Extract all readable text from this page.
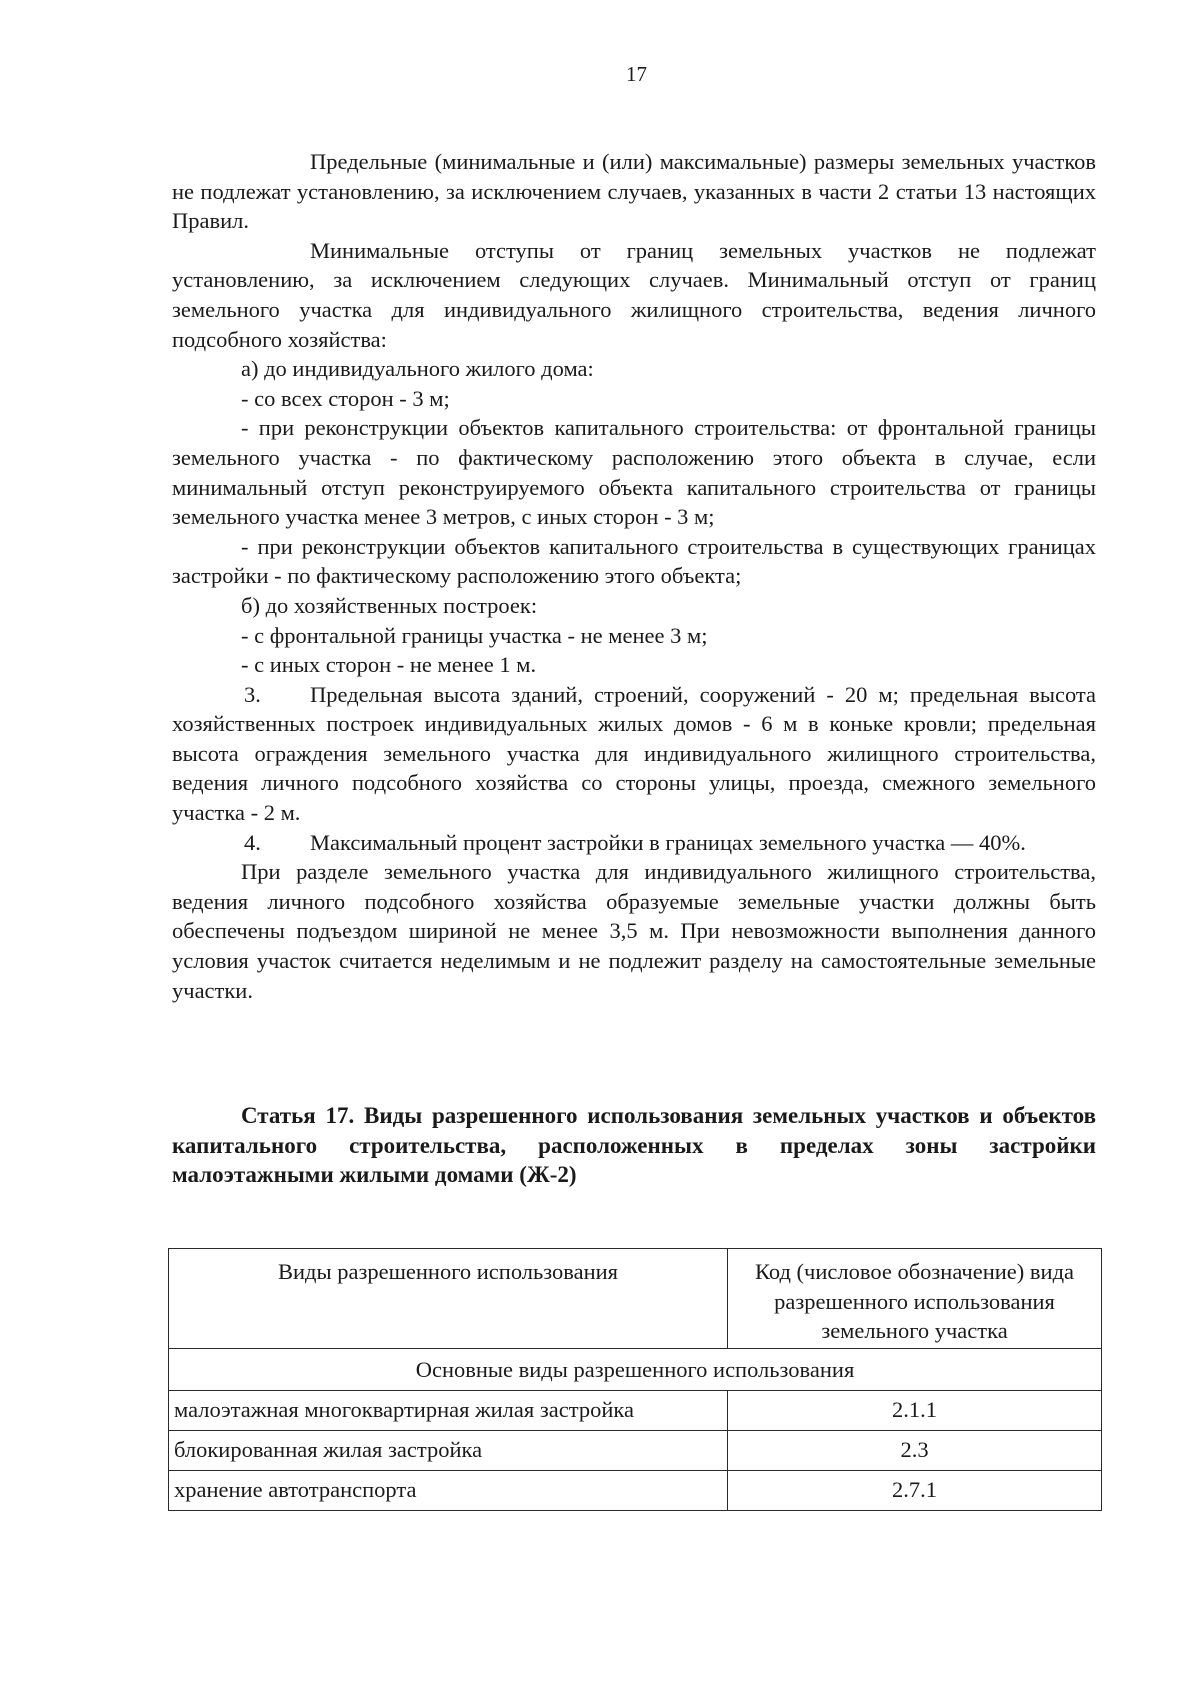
17

Предельные (минимальные и (или) максимальные) размеры земельных участков не подлежат установлению, за исключением случаев, указанных в части 2 статьи 13 настоящих Правил.

Минимальные отступы от границ земельных участков не подлежат установлению, за исключением следующих случаев. Минимальный отступ от границ земельного участка для индивидуального жилищного строительства, ведения личного подсобного хозяйства:

а) до индивидуального жилого дома:

- со всех сторон - 3 м;

- при реконструкции объектов капитального строительства: от фронтальной границы земельного участка - по фактическому расположению этого объекта в случае, если минимальный отступ реконструируемого объекта капитального строительства от границы земельного участка менее 3 метров, с иных сторон - 3 м;

- при реконструкции объектов капитального строительства в существующих границах застройки - по фактическому расположению этого объекта;

б) до хозяйственных построек:

- с фронтальной границы участка - не менее 3 м;

- с иных сторон - не менее 1 м.

3. Предельная высота зданий, строений, сооружений - 20 м; предельная высота хозяйственных построек индивидуальных жилых домов - 6 м в коньке кровли; предельная высота ограждения земельного участка для индивидуального жилищного строительства, ведения личного подсобного хозяйства со стороны улицы, проезда, смежного земельного участка - 2 м.

4. Максимальный процент застройки в границах земельного участка — 40%.

При разделе земельного участка для индивидуального жилищного строительства, ведения личного подсобного хозяйства образуемые земельные участки должны быть обеспечены подъездом шириной не менее 3,5 м. При невозможности выполнения данного условия участок считается неделимым и не подлежит разделу на самостоятельные земельные участки.

Статья 17. Виды разрешенного использования земельных участков и объектов капитального строительства, расположенных в пределах зоны застройки малоэтажными жилыми домами (Ж-2)

Виды разрешенного использования	Код (числовое обозначение) вида разрешенного использования земельного участка
Основные виды разрешенного использования	
малоэтажная многоквартирная жилая застройка	2.1.1
блокированная жилая застройка	2.3
хранение автотранспорта	2.7.1
